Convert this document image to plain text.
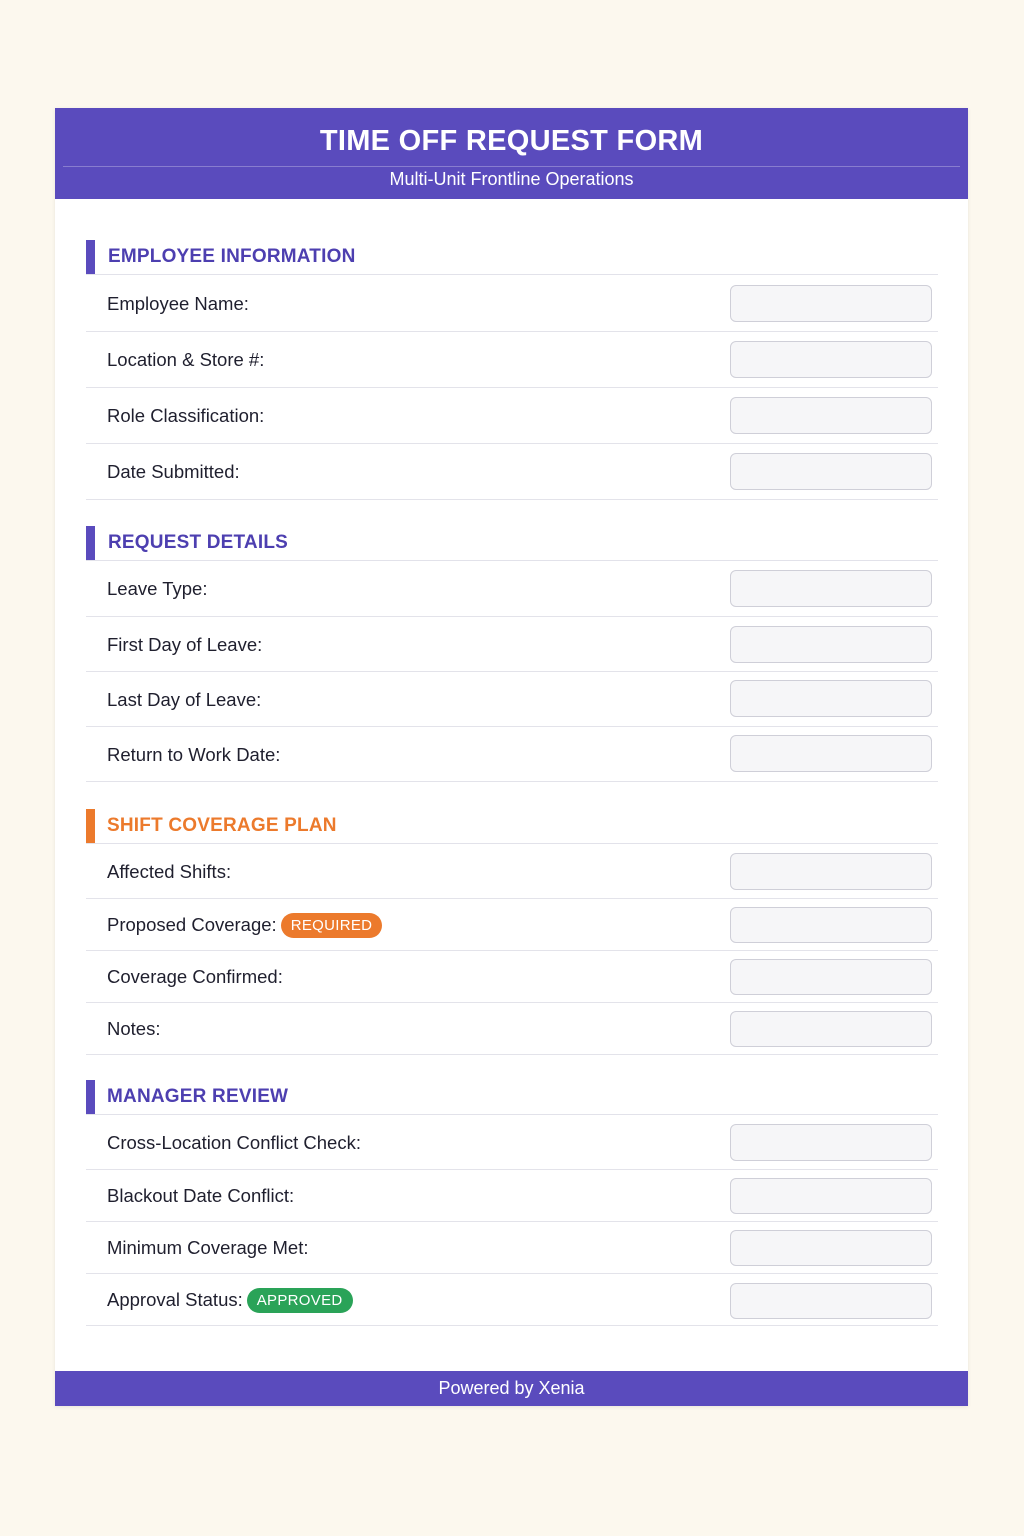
TIME OFF REQUEST FORM
Multi-Unit Frontline Operations
EMPLOYEE INFORMATION
Employee Name:
Location & Store #:
Role Classification:
Date Submitted:
REQUEST DETAILS
Leave Type:
First Day of Leave:
Last Day of Leave:
Return to Work Date:
SHIFT COVERAGE PLAN
Affected Shifts:
Proposed Coverage: REQUIRED
Coverage Confirmed:
Notes:
MANAGER REVIEW
Cross-Location Conflict Check:
Blackout Date Conflict:
Minimum Coverage Met:
Approval Status: APPROVED
Powered by Xenia
